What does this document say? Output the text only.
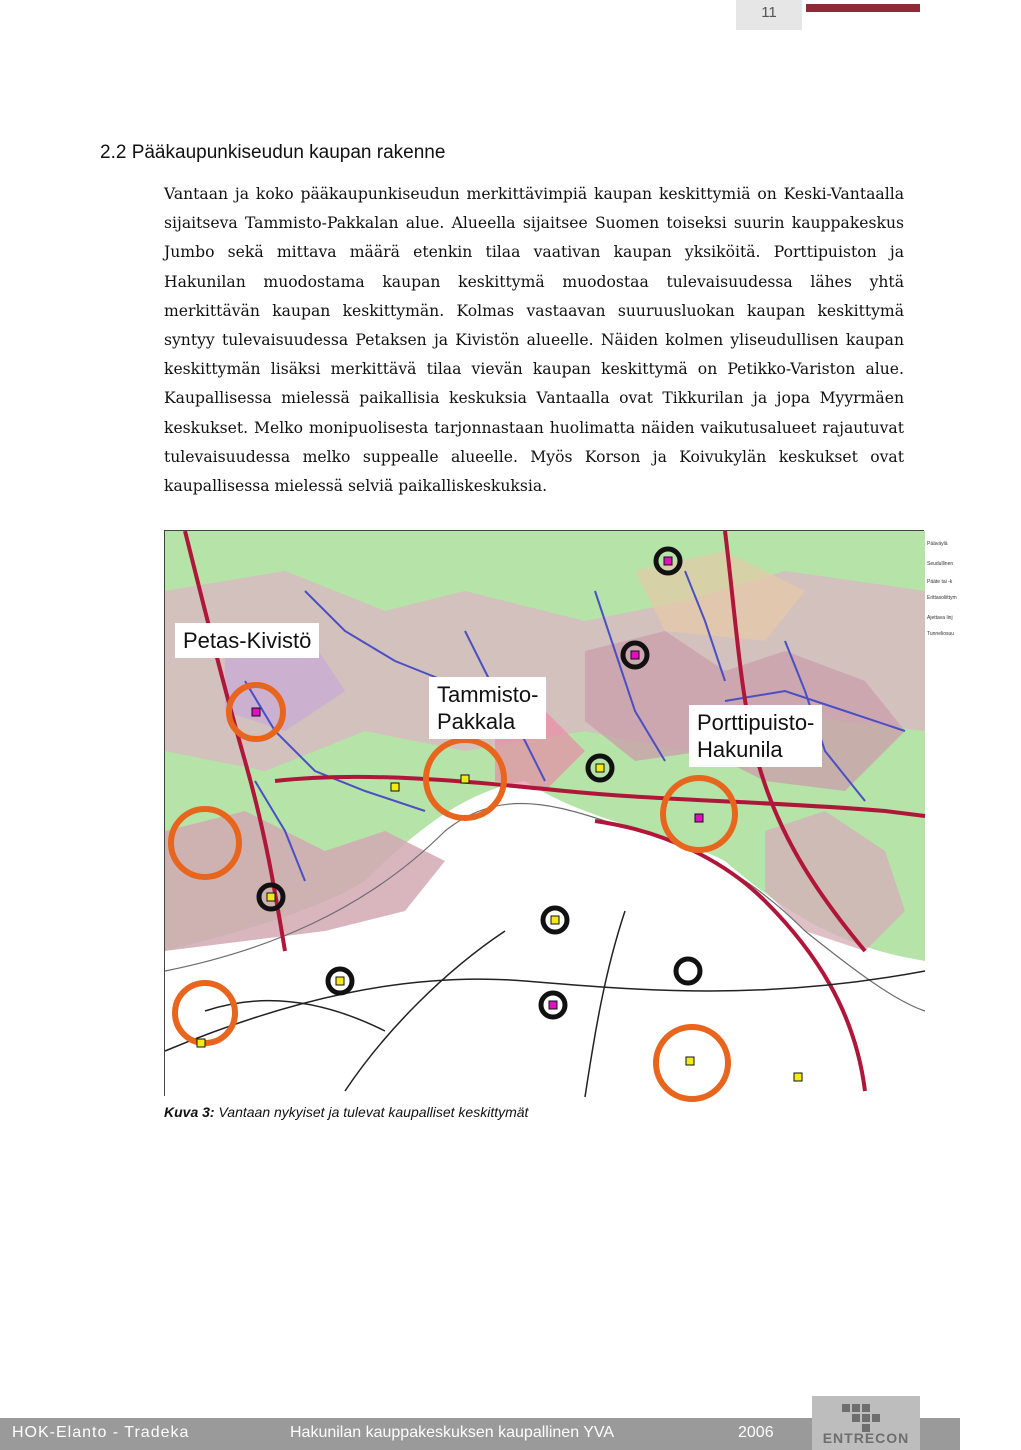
11
2.2 Pääkaupunkiseudun kaupan rakenne

Vantaan ja koko pääkaupunkiseudun merkittävimpiä kaupan keskittymiä on Keski-Vantaalla sijaitseva Tammisto-Pakkalan alue. Alueella sijaitsee Suomen toiseksi suurin kauppakeskus Jumbo sekä mittava määrä etenkin tilaa vaativan kaupan yksiköitä. Porttipuiston ja Hakunilan muodostama kaupan keskittymä muodostaa tulevaisuudessa lähes yhtä merkittävän kaupan keskittymän. Kolmas vastaavan suuruusluokan kaupan keskittymä syntyy tulevaisuudessa Petaksen ja Kivistön alueelle. Näiden kolmen yliseudullisen kaupan keskittymän lisäksi merkittävä tilaa vievän kaupan keskittymä on Petikko-Variston alue. Kaupallisessa mielessä paikallisia keskuksia Vantaalla ovat Tikkurilan ja jopa Myyrmäen keskukset. Melko monipuolisesta tarjonnastaan huolimatta näiden vaikutusalueet rajautuvat tulevaisuudessa melko suppealle alueelle. Myös Korson ja Koivukylän keskukset ovat kaupallisessa mielessä selviä paikalliskeskuksia.

Pääväylä
Seudullinen
Pääte tai -k
Erittasoliittym
Ajettava linj
Tunneliosuu
Petas-Kivistö
Tammisto-
Pakkala	Porttipuisto-
Hakunila
Kuva 3: Vantaan nykyiset ja tulevat kaupalliset keskittymät
HOK-Elanto - Tradeka	Hakunilan kauppakeskuksen kaupallinen YVA	2006	ENTRECON
